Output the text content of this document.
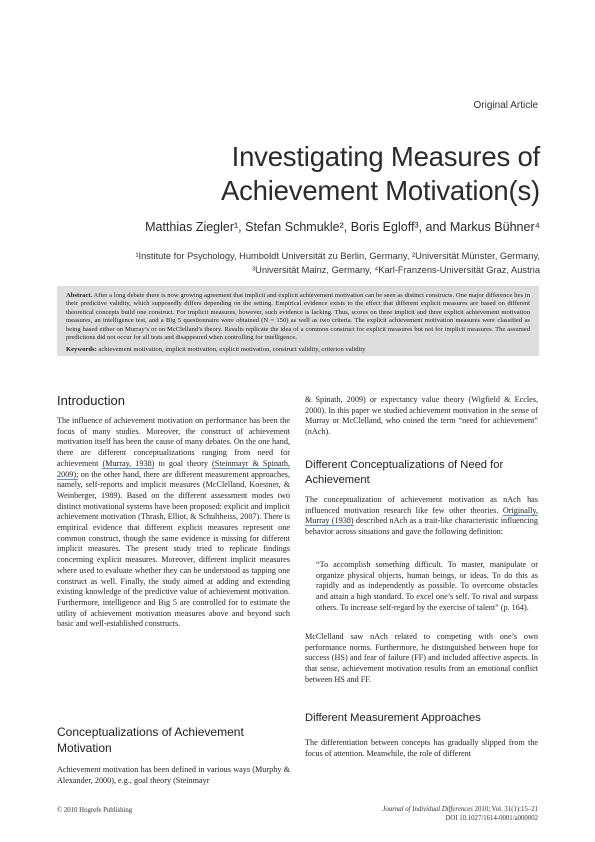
Original Article
Investigating Measures of
Achievement Motivation(s)
Matthias Ziegler¹, Stefan Schmukle², Boris Egloff³, and Markus Bühner⁴
¹Institute for Psychology, Humboldt Universität zu Berlin, Germany, ²Universität Münster, Germany,
³Universität Mainz, Germany, ⁴Karl-Franzens-Universität Graz, Austria

Abstract. After a long debate there is now growing agreement that implicit and explicit achievement motivation can be seen as distinct constructs. One major difference lies in their predictive validity, which supposedly differs depending on the setting. Empirical evidence exists to the effect that different explicit measures are based on different theoretical concepts build one construct. For implicit measures, however, such evidence is lacking. Thus, scores on three implicit and three explicit achievement motivation measures, an intelligence test, and a Big 5 questionnaire were obtained (N = 150) as well as two criteria. The explicit achievement motivation measures were classified as being based either on Murray’s or on McClelland’s theory. Results replicate the idea of a common construct for explicit measures but not for implicit measures. The assumed predictions did not occur for all tests and disappeared when controlling for intelligence.

Keywords: achievement motivation, implicit motivation, explicit motivation, construct validity, criterion validity
Introduction

The influence of achievement motivation on performance has been the focus of many studies. Moreover, the construct of achievement motivation itself has been the cause of many debates. On the one hand, there are different conceptualizations ranging from need for achievement (Murray, 1938) to goal theory (Steinmayr & Spinath, 2009); on the other hand, there are different measurement approaches, namely, self-reports and implicit measures (McClelland, Koestner, & Weinberger, 1989). Based on the different assessment modes two distinct motivational systems have been proposed: explicit and implicit achievement motivation (Thrash, Elliot, & Schultheiss, 2007). There is empirical evidence that different explicit measures represent one common construct, though the same evidence is missing for different implicit measures. The present study tried to replicate findings concerning explicit measures. Moreover, different implicit measures where used to evaluate whether they can be understood as tapping one construct as well. Finally, the study aimed at adding and extending existing knowledge of the predictive value of achievement motivation. Furthermore, intelligence and Big 5 are controlled for to estimate the utility of achievement motivation measures above and beyond such basic and well-established constructs.

Conceptualizations of Achievement Motivation

Achievement motivation has been defined in various ways (Murphy & Alexander, 2000), e.g., goal theory (Steinmayr

& Spinath, 2009) or expectancy value theory (Wigfield & Eccles, 2000). In this paper we studied achievement motivation in the sense of Murray or McClelland, who coined the term “need for achievement” (nAch).

Different Conceptualizations of Need for Achievement

The conceptualization of achievement motivation as nAch has influenced motivation research like few other theories. Originally, Murray (1938) described nAch as a trait-like characteristic influencing behavior across situations and gave the following definition:

“To accomplish something difficult. To master, manipulate or organize physical objects, human beings, or ideas. To do this as rapidly and as independently as possible. To overcome obstacles and attain a high standard. To excel one’s self. To rival and surpass others. To increase self-regard by the exercise of talent” (p. 164).

McClelland saw nAch related to competing with one’s own performance norms. Furthermore, he distinguished between hope for success (HS) and fear of failure (FF) and included affective aspects. In that sense, achievement motivation results from an emotional conflict between HS and FF.

Different Measurement Approaches

The differentiation between concepts has gradually slipped from the focus of attention. Meanwhile, the role of different

© 2010 Hogrefe Publishing	Journal of Individual Differences 2010; Vol. 31(1):15–21
DOI 10.1027/1614-0001/a000002
